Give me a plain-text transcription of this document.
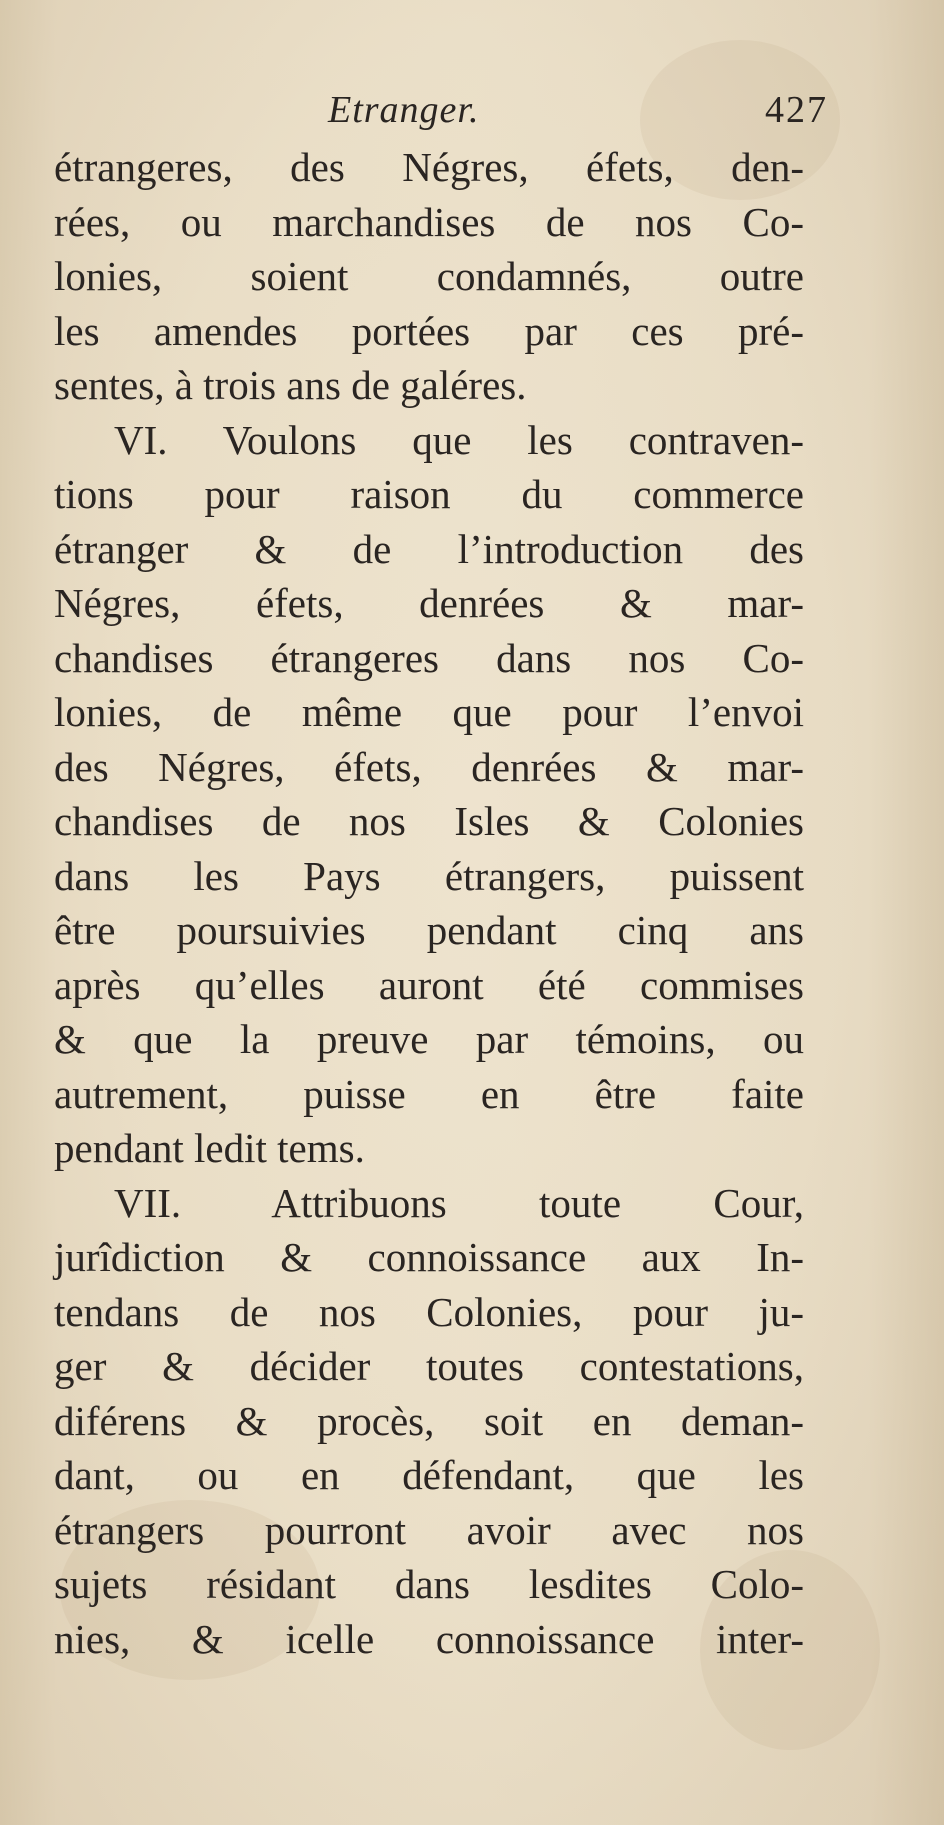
Etranger.	427
étrangeres, des Négres, éfets, den-
rées, ou marchandises de nos Co-
lonies, soient condamnés, outre
les amendes portées par ces pré-
sentes, à trois ans de galéres.
VI. Voulons que les contraven-
tions pour raison du commerce
étranger & de l’introduction des
Négres, éfets, denrées & mar-
chandises étrangeres dans nos Co-
lonies, de même que pour l’envoi
des Négres, éfets, denrées & mar-
chandises de nos Isles & Colonies
dans les Pays étrangers, puissent
être poursuivies pendant cinq ans
après qu’elles auront été commises
& que la preuve par témoins, ou
autrement, puisse en être faite
pendant ledit tems.
VII. Attribuons toute Cour,
jurîdiction & connoissance aux In-
tendans de nos Colonies, pour ju-
ger & décider toutes contestations,
diférens & procès, soit en deman-
dant, ou en défendant, que les
étrangers pourront avoir avec nos
sujets résidant dans lesdites Colo-
nies, & icelle connoissance inter-
